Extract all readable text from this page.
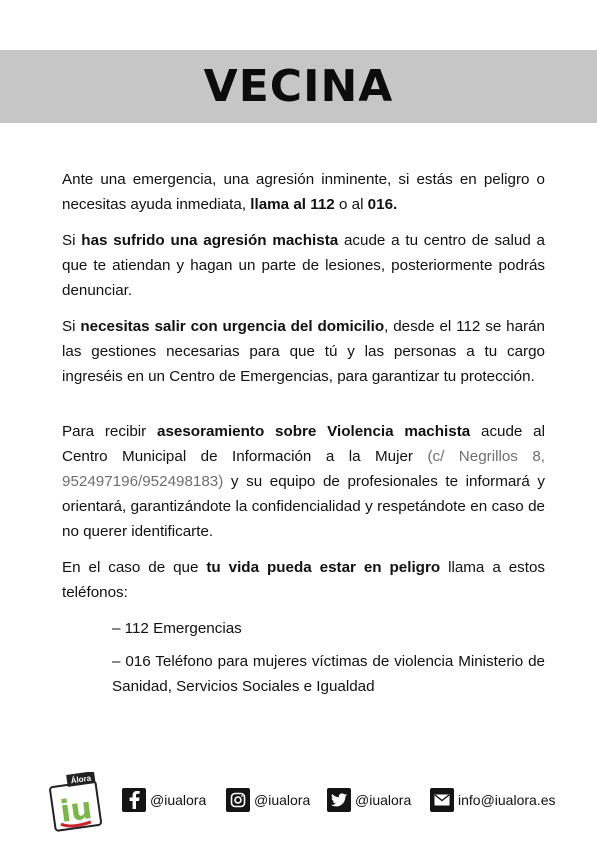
VECINA

Ante una emergencia, una agresión inminente, si estás en peligro o necesitas ayuda inmediata, llama al 112 o al 016.

Si has sufrido una agresión machista acude a tu centro de salud a que te atiendan y hagan un parte de lesiones, posteriormente podrás denunciar.

Si necesitas salir con urgencia del domicilio, desde el 112 se harán las gestiones necesarias para que tú y las personas a tu cargo ingreséis en un Centro de Emergencias, para garantizar tu protección.

Para recibir asesoramiento sobre Violencia machista acude al Centro Municipal de Información a la Mujer (c/ Negrillos 8, 952497196/952498183) y su equipo de profesionales te informará y orientará, garantizándote la confidencialidad y respetándote en caso de no querer identificarte.

En el caso de que tu vida pueda estar en peligro llama a estos teléfonos:

– 112 Emergencias
– 016 Teléfono para mujeres víctimas de violencia Ministerio de Sanidad, Servicios Sociales e Igualdad
Álora
iu	@iualora	@iualora	@iualora	info@iualora.es
